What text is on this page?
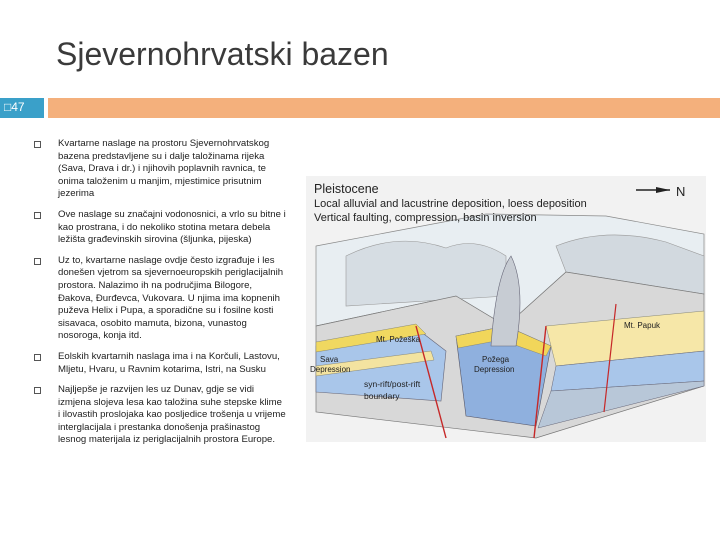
Sjevernohrvatski bazen
□47
Kvartarne naslage na prostoru Sjevernohrvatskog bazena predstavljene su i dalje taložinama rijeka (Sava, Drava i dr.) i njihovih poplavnih ravnica, te onima taloženim u manjim, mjestimice prisutnim jezerima
Ove naslage su značajni vodonosnici, a vrlo su bitne i kao prostrana, i do nekoliko stotina metara debela ležišta građevinskih sirovina (šljunka, pijeska)
Uz to, kvartarne naslage ovdje često izgrađuje i les donešen vjetrom sa sjevernoeuropskih periglacijalnih prostora. Nalazimo ih na područjima Bilogore, Đakova, Đurđevca, Vukovara. U njima ima kopnenih puževa Helix i Pupa, a sporadične su i fosilne kosti sisavaca, osobito mamuta, bizona, vunastog nosoroga, konja itd.
Eolskih kvartarnih naslaga ima i na Korčuli, Lastovu, Mljetu, Hvaru, u Ravnim kotarima, Istri, na Susku
Najljepše je razvijen les uz Dunav, gdje se vidi izmjena slojeva lesa kao taložina suhe stepske klime i ilovastih proslojaka kao posljedice trošenja u vrijeme interglacijala i prestanka donošenja prašinastog lesnog materijala iz periglacijalnih prostora Europe.
Pleistocene
Local alluvial and lacustrine deposition, loess deposition
Vertical faulting, compression, basin inversion
N
Mt. Požeška
Mt. Papuk
Sava
Depression
Požega
Depression
syn-rift/post-rift
boundary
